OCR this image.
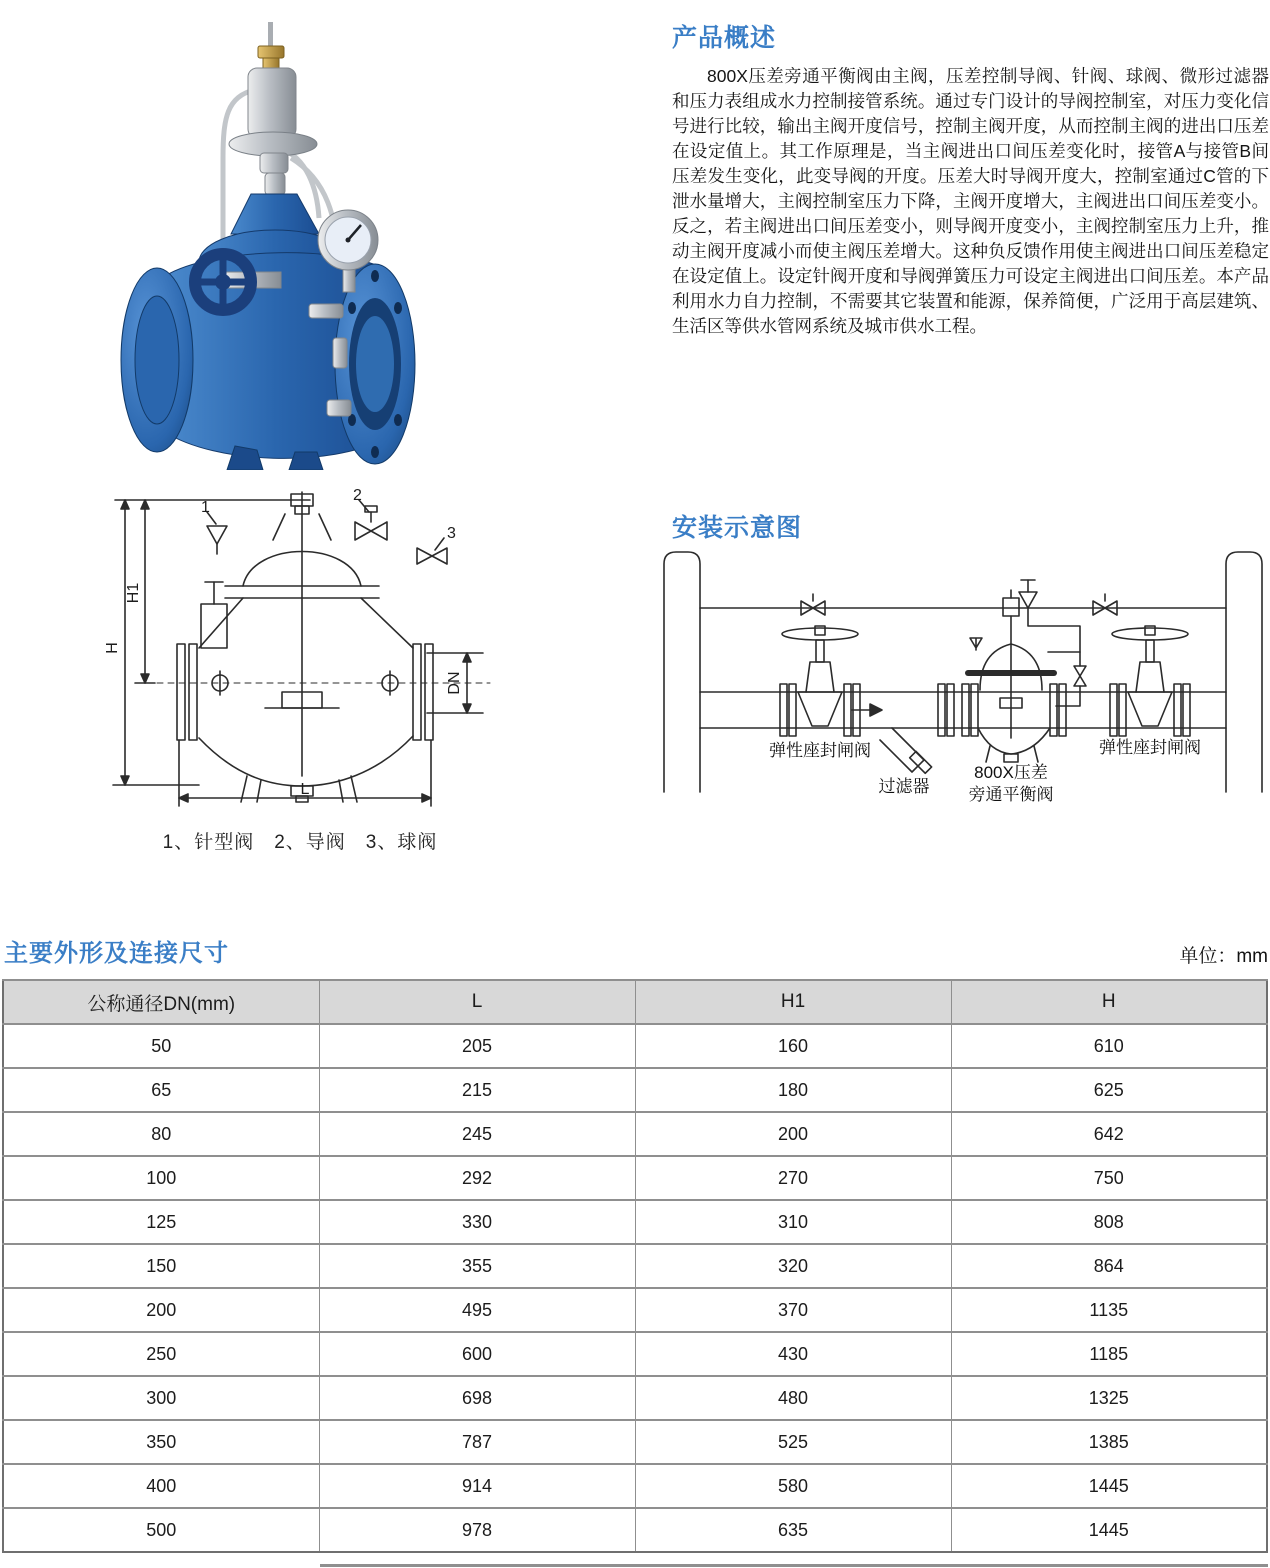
产品概述

800X压差旁通平衡阀由主阀，压差控制导阀、针阀、球阀、微形过滤器和压力表组成水力控制接管系统。通过专门设计的导阀控制室，对压力变化信号进行比较，输出主阀开度信号，控制主阀开度，从而控制主阀的进出口压差在设定值上。其工作原理是，当主阀进出口间压差变化时，接管A与接管B间压差发生变化，此变导阀的开度。压差大时导阀开度大，控制室通过C管的下泄水量增大，主阀控制室压力下降，主阀开度增大，主阀进出口间压差变小。反之，若主阀进出口间压差变小，则导阀开度变小，主阀控制室压力上升，推动主阀开度减小而使主阀压差增大。这种负反馈作用使主阀进出口间压差稳定在设定值上。设定针阀开度和导阀弹簧压力可设定主阀进出口间压差。本产品利用水力自力控制，不需要其它装置和能源，保养简便，广泛用于高层建筑、生活区等供水管网系统及城市供水工程。

H
H1
DN
L
1
2
3
1、针型阀　2、导阀　3、球阀
安装示意图
弹性座封闸阀
过滤器
800X压差
旁通平衡阀
弹性座封闸阀
主要外形及连接尺寸	单位：mm
公称通径DN(mm)	L	H1	H
50	205	160	610
65	215	180	625
80	245	200	642
100	292	270	750
125	330	310	808
150	355	320	864
200	495	370	1135
250	600	430	1185
300	698	480	1325
350	787	525	1385
400	914	580	1445
500	978	635	1445
